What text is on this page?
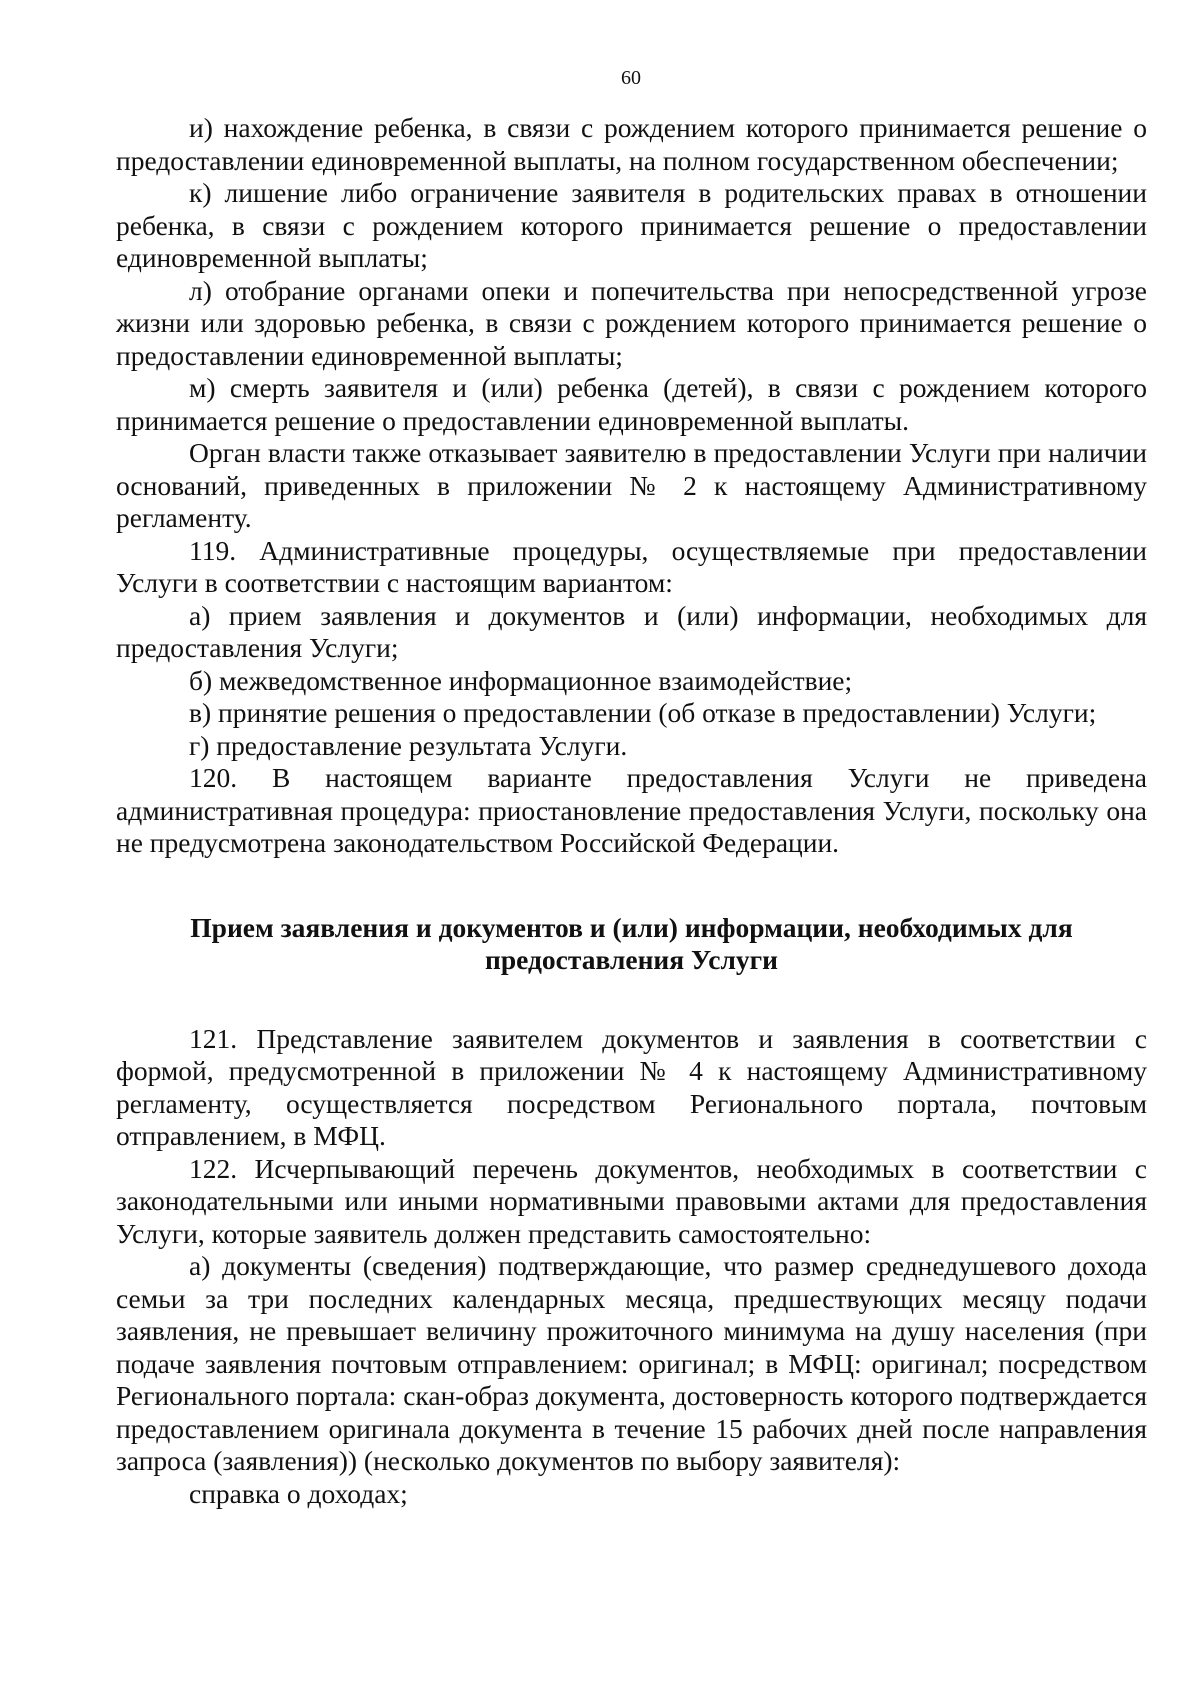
60

и) нахождение ребенка, в связи с рождением которого принимается решение о предоставлении единовременной выплаты, на полном государственном обеспечении;

к) лишение либо ограничение заявителя в родительских правах в отношении ребенка, в связи с рождением которого принимается решение о предоставлении единовременной выплаты;

л) отобрание органами опеки и попечительства при непосредственной угрозе жизни или здоровью ребенка, в связи с рождением которого принимается решение о предоставлении единовременной выплаты;

м) смерть заявителя и (или) ребенка (детей), в связи с рождением которого принимается решение о предоставлении единовременной выплаты.

Орган власти также отказывает заявителю в предоставлении Услуги при наличии оснований, приведенных в приложении № 2 к настоящему Административному регламенту.

119. Административные процедуры, осуществляемые при предоставлении Услуги в соответствии с настоящим вариантом:

а) прием заявления и документов и (или) информации, необходимых для предоставления Услуги;

б) межведомственное информационное взаимодействие;

в) принятие решения о предоставлении (об отказе в предоставлении) Услуги;

г) предоставление результата Услуги.

120. В настоящем варианте предоставления Услуги не приведена административная процедура: приостановление предоставления Услуги, поскольку она не предусмотрена законодательством Российской Федерации.

Прием заявления и документов и (или) информации, необходимых для предоставления Услуги

121. Представление заявителем документов и заявления в соответствии с формой, предусмотренной в приложении № 4 к настоящему Административному регламенту, осуществляется посредством Регионального портала, почтовым отправлением, в МФЦ.

122. Исчерпывающий перечень документов, необходимых в соответствии с законодательными или иными нормативными правовыми актами для предоставления Услуги, которые заявитель должен представить самостоятельно:

а) документы (сведения) подтверждающие, что размер среднедушевого дохода семьи за три последних календарных месяца, предшествующих месяцу подачи заявления, не превышает величину прожиточного минимума на душу населения (при подаче заявления почтовым отправлением: оригинал; в МФЦ: оригинал; посредством Регионального портала: скан-образ документа, достоверность которого подтверждается предоставлением оригинала документа в течение 15 рабочих дней после направления запроса (заявления)) (несколько документов по выбору заявителя):

справка о доходах;
